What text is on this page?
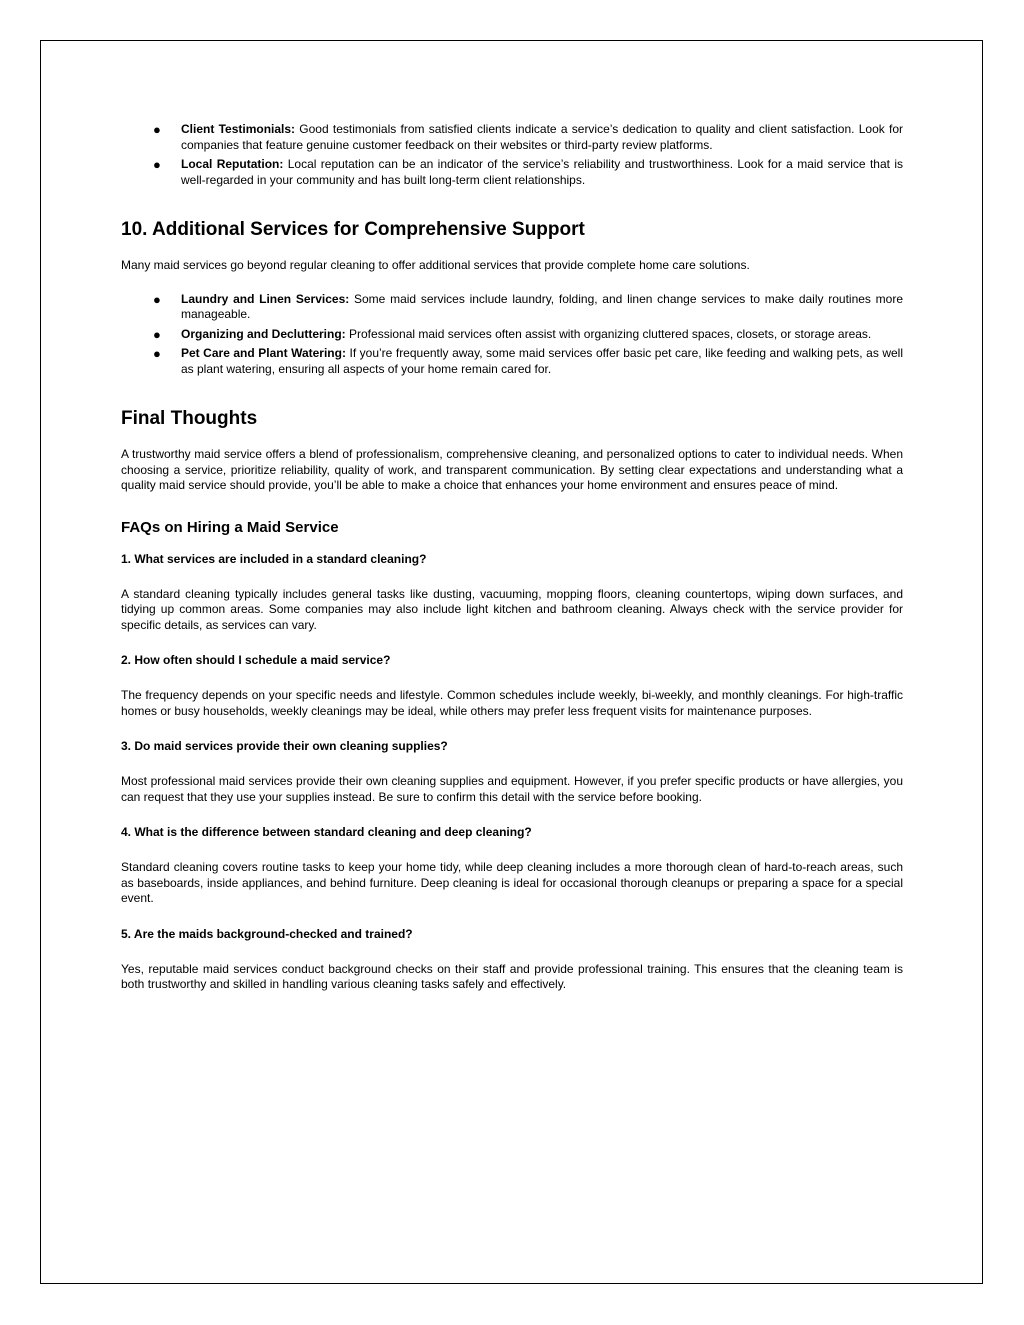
● Client Testimonials: Good testimonials from satisfied clients indicate a service’s dedication to quality and client satisfaction. Look for companies that feature genuine customer feedback on their websites or third-party review platforms.
● Local Reputation: Local reputation can be an indicator of the service’s reliability and trustworthiness. Look for a maid service that is well-regarded in your community and has built long-term client relationships.
10. Additional Services for Comprehensive Support

Many maid services go beyond regular cleaning to offer additional services that provide complete home care solutions.

● Laundry and Linen Services: Some maid services include laundry, folding, and linen change services to make daily routines more manageable.
● Organizing and Decluttering: Professional maid services often assist with organizing cluttered spaces, closets, or storage areas.
● Pet Care and Plant Watering: If you’re frequently away, some maid services offer basic pet care, like feeding and walking pets, as well as plant watering, ensuring all aspects of your home remain cared for.
Final Thoughts

A trustworthy maid service offers a blend of professionalism, comprehensive cleaning, and personalized options to cater to individual needs. When choosing a service, prioritize reliability, quality of work, and transparent communication. By setting clear expectations and understanding what a quality maid service should provide, you’ll be able to make a choice that enhances your home environment and ensures peace of mind.

FAQs on Hiring a Maid Service
1. What services are included in a standard cleaning?

A standard cleaning typically includes general tasks like dusting, vacuuming, mopping floors, cleaning countertops, wiping down surfaces, and tidying up common areas. Some companies may also include light kitchen and bathroom cleaning. Always check with the service provider for specific details, as services can vary.

2. How often should I schedule a maid service?

The frequency depends on your specific needs and lifestyle. Common schedules include weekly, bi-weekly, and monthly cleanings. For high-traffic homes or busy households, weekly cleanings may be ideal, while others may prefer less frequent visits for maintenance purposes.

3. Do maid services provide their own cleaning supplies?

Most professional maid services provide their own cleaning supplies and equipment. However, if you prefer specific products or have allergies, you can request that they use your supplies instead. Be sure to confirm this detail with the service before booking.

4. What is the difference between standard cleaning and deep cleaning?

Standard cleaning covers routine tasks to keep your home tidy, while deep cleaning includes a more thorough clean of hard-to-reach areas, such as baseboards, inside appliances, and behind furniture. Deep cleaning is ideal for occasional thorough cleanups or preparing a space for a special event.

5. Are the maids background-checked and trained?

Yes, reputable maid services conduct background checks on their staff and provide professional training. This ensures that the cleaning team is both trustworthy and skilled in handling various cleaning tasks safely and effectively.
